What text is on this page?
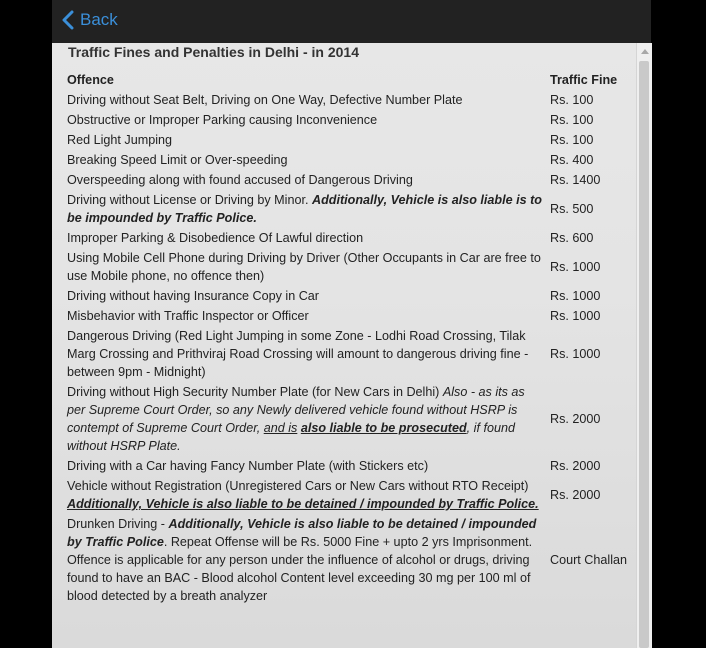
Back
Traffic Fines and Penalties in Delhi - in 2014
Offence	Traffic Fine
Driving without Seat Belt, Driving on One Way, Defective Number Plate	Rs. 100
Obstructive or Improper Parking causing Inconvenience	Rs. 100
Red Light Jumping	Rs. 100
Breaking Speed Limit or Over-speeding	Rs. 400
Overspeeding along with found accused of Dangerous Driving	Rs. 1400
Driving without License or Driving by Minor. Additionally, Vehicle is also liable is to be impounded by Traffic Police.	Rs. 500
Improper Parking & Disobedience Of Lawful direction	Rs. 600
Using Mobile Cell Phone during Driving by Driver (Other Occupants in Car are free to use Mobile phone, no offence then)	Rs. 1000
Driving without having Insurance Copy in Car	Rs. 1000
Misbehavior with Traffic Inspector or Officer	Rs. 1000
Dangerous Driving (Red Light Jumping in some Zone - Lodhi Road Crossing, Tilak Marg Crossing and Prithviraj Road Crossing will amount to dangerous driving fine - between 9pm - Midnight)	Rs. 1000
Driving without High Security Number Plate (for New Cars in Delhi) Also - as its as per Supreme Court Order, so any Newly delivered vehicle found without HSRP is contempt of Supreme Court Order, and is also liable to be prosecuted, if found without HSRP Plate.	Rs. 2000
Driving with a Car having Fancy Number Plate (with Stickers etc)	Rs. 2000
Vehicle without Registration (Unregistered Cars or New Cars without RTO Receipt) Additionally, Vehicle is also liable to be detained / impounded by Traffic Police.	Rs. 2000
Drunken Driving - Additionally, Vehicle is also liable to be detained / impounded by Traffic Police. Repeat Offense will be Rs. 5000 Fine + upto 2 yrs Imprisonment. Offence is applicable for any person under the influence of alcohol or drugs, driving found to have an BAC - Blood alcohol Content level exceeding 30 mg per 100 ml of blood detected by a breath analyzer	Court Challan
